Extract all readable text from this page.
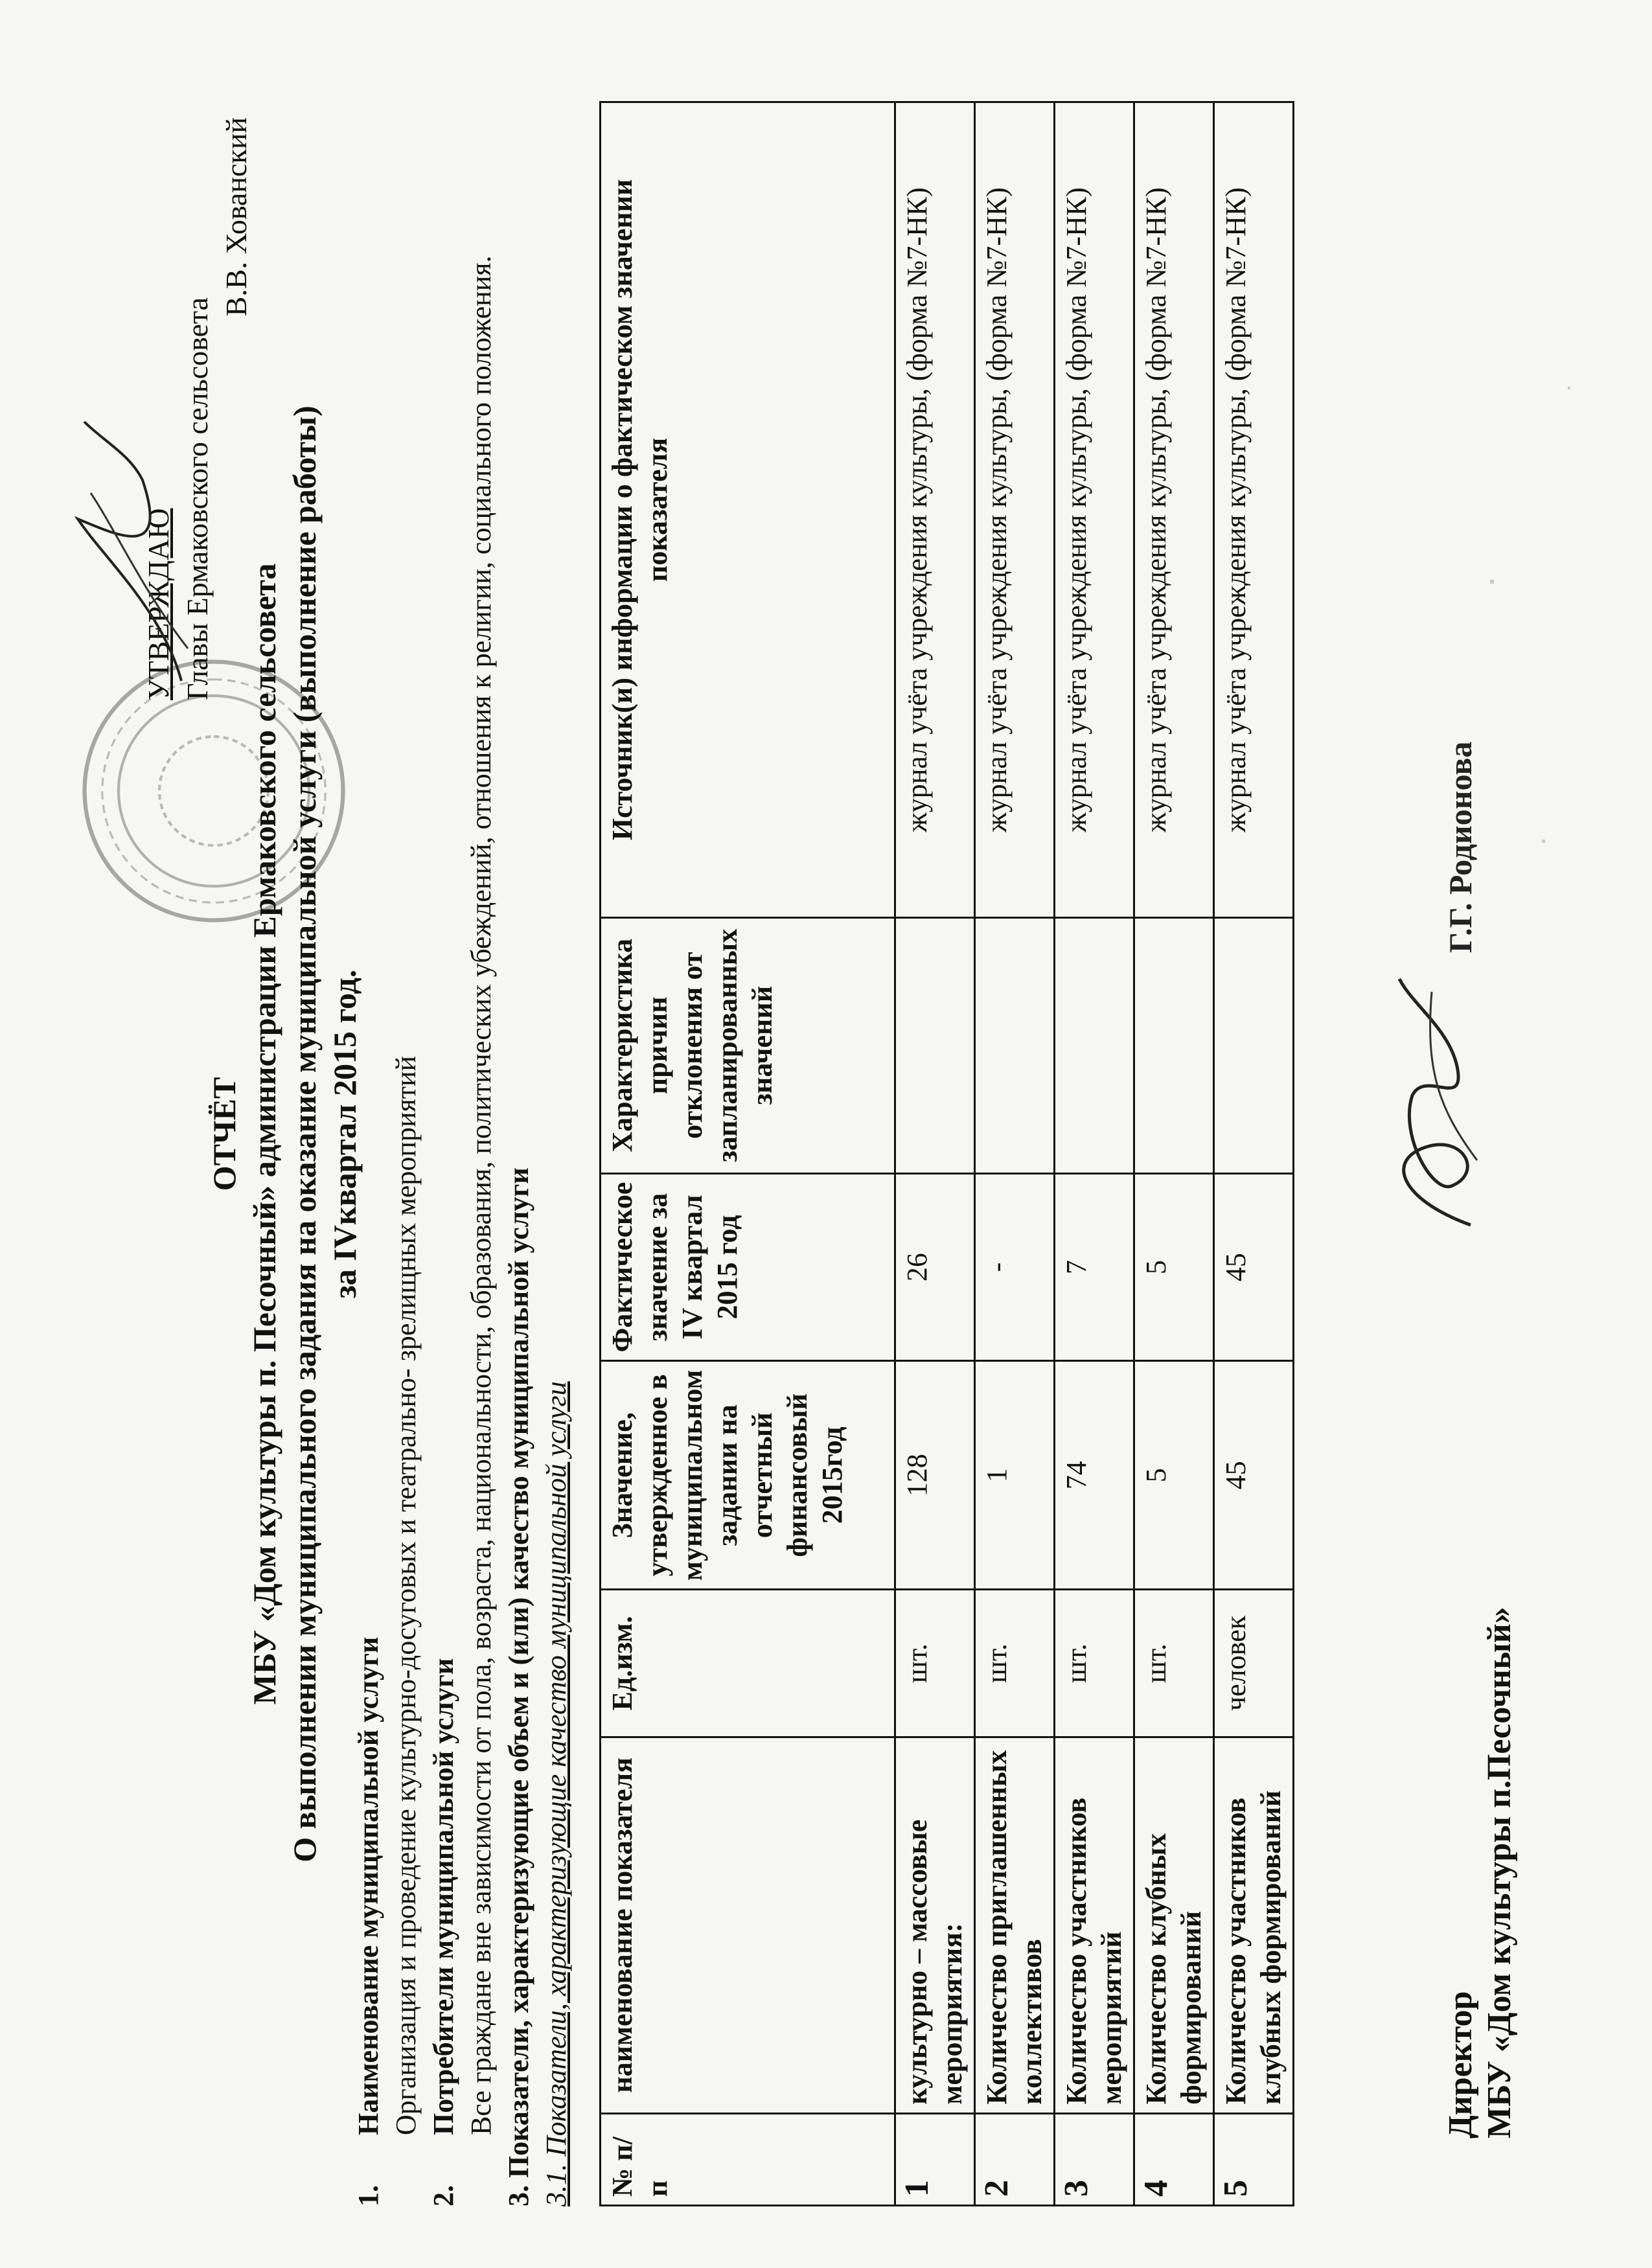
УТВЕРЖДАЮ Главы Ермаковского сельсовета
В.В. Хованский
ОТЧЁТ МБУ «Дом культуры п. Песочный» администрации Ермаковского сельсовета О выполнении муниципального задания на оказание муниципальной услуги (выполнение работы) за IVквартал 2015 год.
1.Наименование муниципальной услуги Организация и проведение культурно-досуговых и театрально- зрелищных мероприятий
2.Потребители муниципальной услуги Все граждане вне зависимости от пола, возраста, национальности, образования, политических убеждений, отношения к религии, социального положения. 3. Показатели, характеризующие объем и (или) качество муниципальной услуги 3.1. Показатели, характеризующие качество муниципальной услуги № п/п	наименование показателя	Ед.изм.	Значение, утвержденное в муниципальном задании на отчетный финансовый 2015год	Фактическое значение за IV квартал 2015 год	Характеристика причин отклонения от запланированных значений	Источник(и) информации о фактическом значении показателя
1	культурно – массовые мероприятия:	шт.	128	26		журнал учёта учреждения культуры, (форма №7-НК)
2	Количество приглашенных коллективов	шт.	1	-		журнал учёта учреждения культуры, (форма №7-НК)
3	Количество участников мероприятий	шт.	74	7		журнал учёта учреждения культуры, (форма №7-НК)
4	Количество клубных формирований	шт.	5	5		журнал учёта учреждения культуры, (форма №7-НК)
5	Количество участников клубных формирований	человек	45	45		журнал учёта учреждения культуры, (форма №7-НК)
Директор МБУ «Дом культуры п.Песочный»
Г.Г. Родионова
